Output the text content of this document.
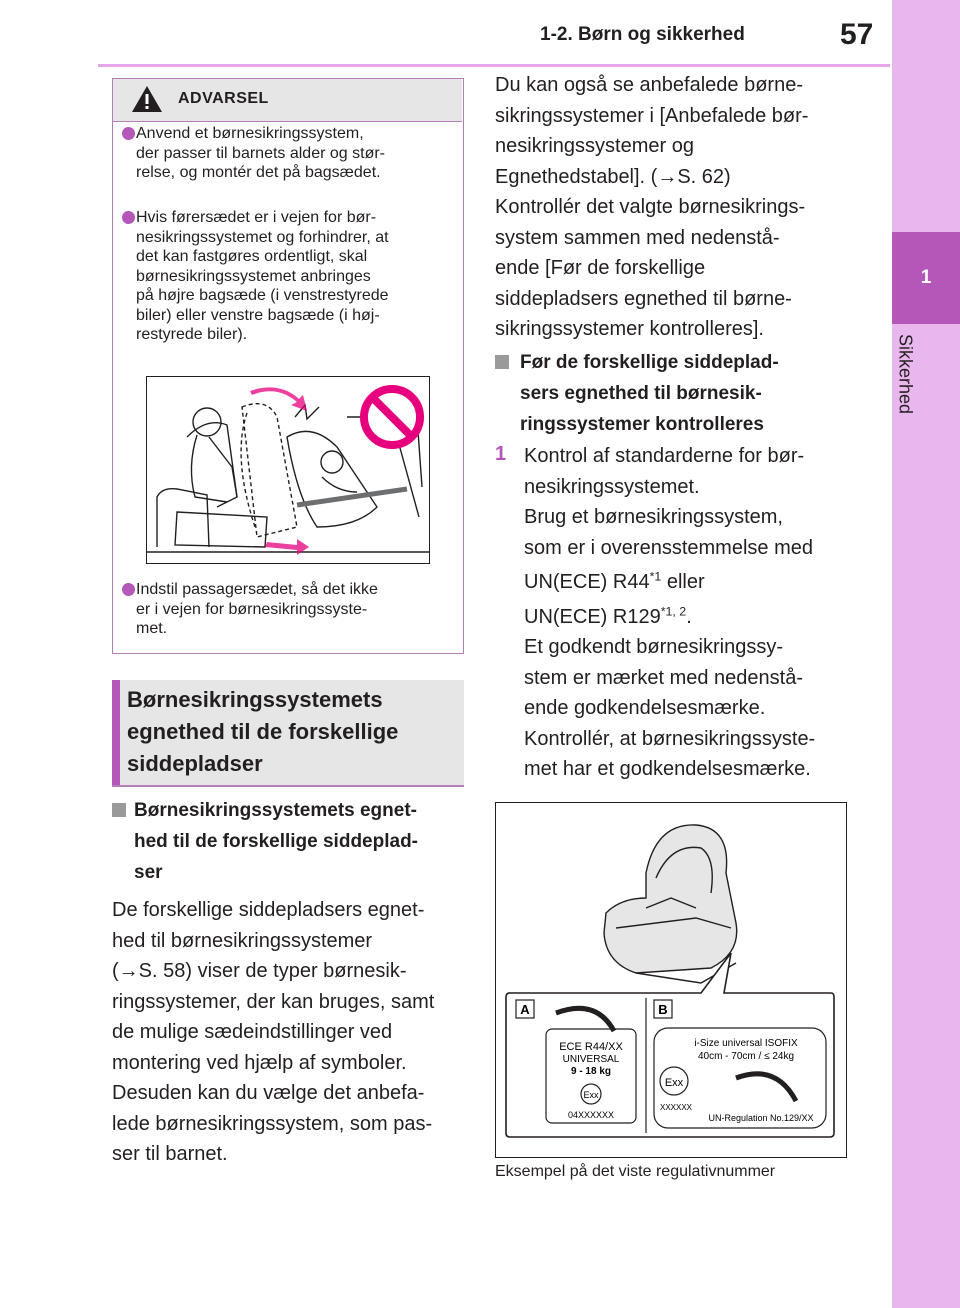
1-2. Børn og sikkerhed	57
1
Sikkerhed
ADVARSEL
Anvend et børnesikringssystem,
der passer til barnets alder og stør-
relse, og montér det på bagsædet.
Hvis førersædet er i vejen for bør-
nesikringssystemet og forhindrer, at
det kan fastgøres ordentligt, skal
børnesikringssystemet anbringes
på højre bagsæde (i venstrestyrede
biler) eller venstre bagsæde (i høj-
restyrede biler).
Indstil passagersædet, så det ikke
er i vejen for børnesikringssyste-
met.
Børnesikringssystemets
egnethed til de forskellige
siddepladser
Børnesikringssystemets egnet-
hed til de forskellige siddeplad-
ser
De forskellige siddepladsers egnet-
hed til børnesikringssystemer
(→S. 58) viser de typer børnesik-
ringssystemer, der kan bruges, samt
de mulige sædeindstillinger ved
montering ved hjælp af symboler.
Desuden kan du vælge det anbefa-
lede børnesikringssystem, som pas-
ser til barnet.
Du kan også se anbefalede børne-
sikringssystemer i [Anbefalede bør-
nesikringssystemer og
Egnethedstabel]. (→S. 62)
Kontrollér det valgte børnesikrings-
system sammen med nedenstå-
ende [Før de forskellige
siddepladsers egnethed til børne-
sikringssystemer kontrolleres].
Før de forskellige siddeplad-
sers egnethed til børnesik-
ringssystemer kontrolleres
1 Kontrol af standarderne for bør-
nesikringssystemet.
Brug et børnesikringssystem,
som er i overensstemmelse med
UN(ECE) R44$^{*1}$ eller
UN(ECE) R129$^{*1, 2}$.
Et godkendt børnesikringssy-
stem er mærket med nedenstå-
ende godkendelsesmærke.
Kontrollér, at børnesikringssyste-
met har et godkendelsesmærke.
A
ECE R44/XX
UNIVERSAL
9 - 18 kg
Exx
04XXXXXX
B
i-Size universal ISOFIX
40cm - 70cm / ≤ 24kg
Exx
XXXXXX
UN-Regulation No.129/XX
Eksempel på det viste regulativnummer
